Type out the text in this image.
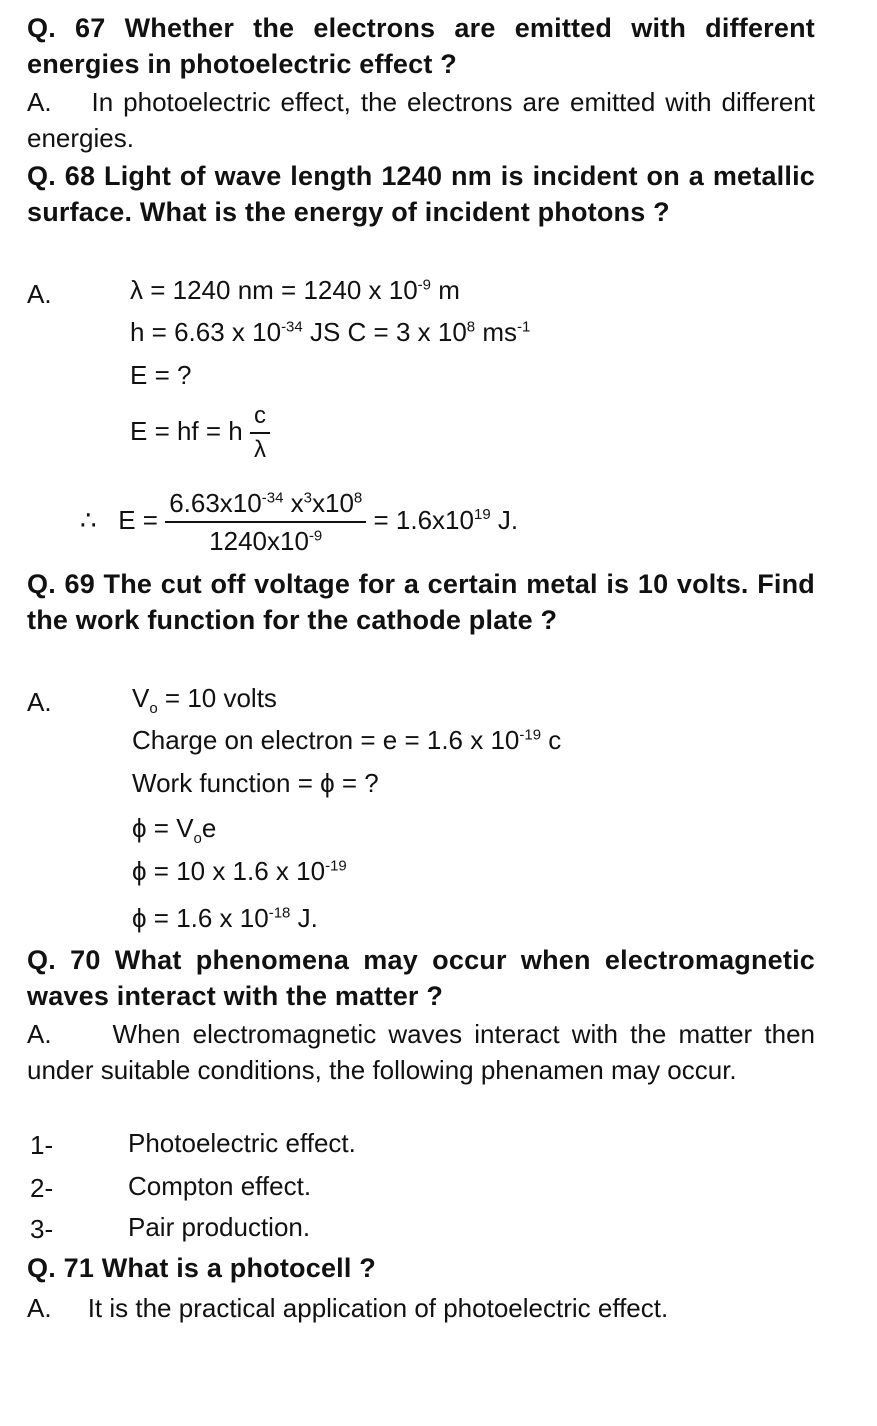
Q. 67 Whether the electrons are emitted with different energies in photoelectric effect ?
A. In photoelectric effect, the electrons are emitted with different energies.
Q. 68 Light of wave length 1240 nm is incident on a metallic surface. What is the energy of incident photons ?
A.	λ = 1240 nm = 1240 x $10^{-9}$ m
h = 6.63 x $10^{-34}$ JS C = 3 x $10^8$ $ms^{-1}$
E = ?
E = hf = h $\frac{c}{\lambda}$
∴ $E = \frac{6.63x10^{-34} x^3x10^8}{1240x10^{-9}} = 1.6x10^{19}$ J.
Q. 69 The cut off voltage for a certain metal is 10 volts. Find the work function for the cathode plate ?
A.	$V_o = 10$ volts
Charge on electron = e = 1.6 x $10^{-19}$ c
Work function = ϕ = ?
$\phi = V_oe$
ϕ = 10 x 1.6 x $10^{-19}$
ϕ = 1.6 x $10^{-18}$ J.
Q. 70 What phenomena may occur when electromagnetic waves interact with the matter ?
A. When electromagnetic waves interact with the matter then under suitable conditions, the following phenamen may occur.
1-	Photoelectric effect.
2-	Compton effect.
3-	Pair production.
Q. 71 What is a photocell ?
A. It is the practical application of photoelectric effect.
